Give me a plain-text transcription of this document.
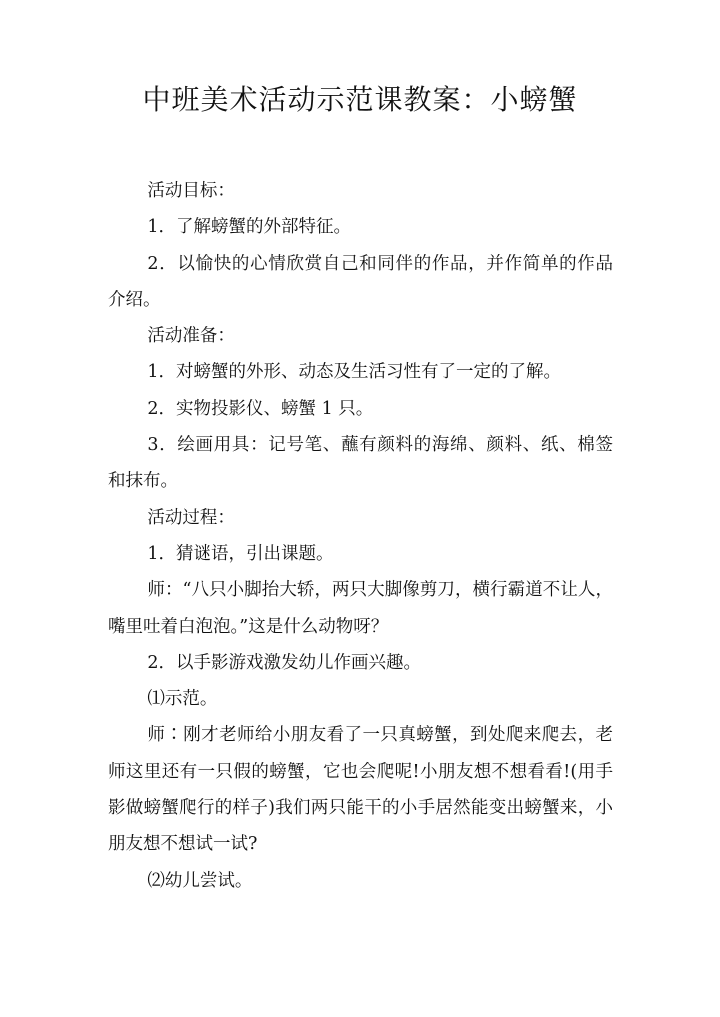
中班美术活动示范课教案：小螃蟹

活动目标：

1．了解螃蟹的外部特征。

2．以愉快的心情欣赏自己和同伴的作品，并作简单的作品介绍。

活动准备：

1．对螃蟹的外形、动态及生活习性有了一定的了解。

2．实物投影仪、螃蟹 1 只。

3．绘画用具：记号笔、蘸有颜料的海绵、颜料、纸、棉签和抹布。

活动过程：

1．猜谜语，引出课题。

师：“八只小脚抬大轿，两只大脚像剪刀，横行霸道不让人，嘴里吐着白泡泡。”这是什么动物呀？

2．以手影游戏激发幼儿作画兴趣。

⑴示范。

师∶刚才老师给小朋友看了一只真螃蟹，到处爬来爬去，老师这里还有一只假的螃蟹，它也会爬呢!小朋友想不想看看!(用手影做螃蟹爬行的样子)我们两只能干的小手居然能变出螃蟹来，小朋友想不想试一试?

⑵幼儿尝试。
